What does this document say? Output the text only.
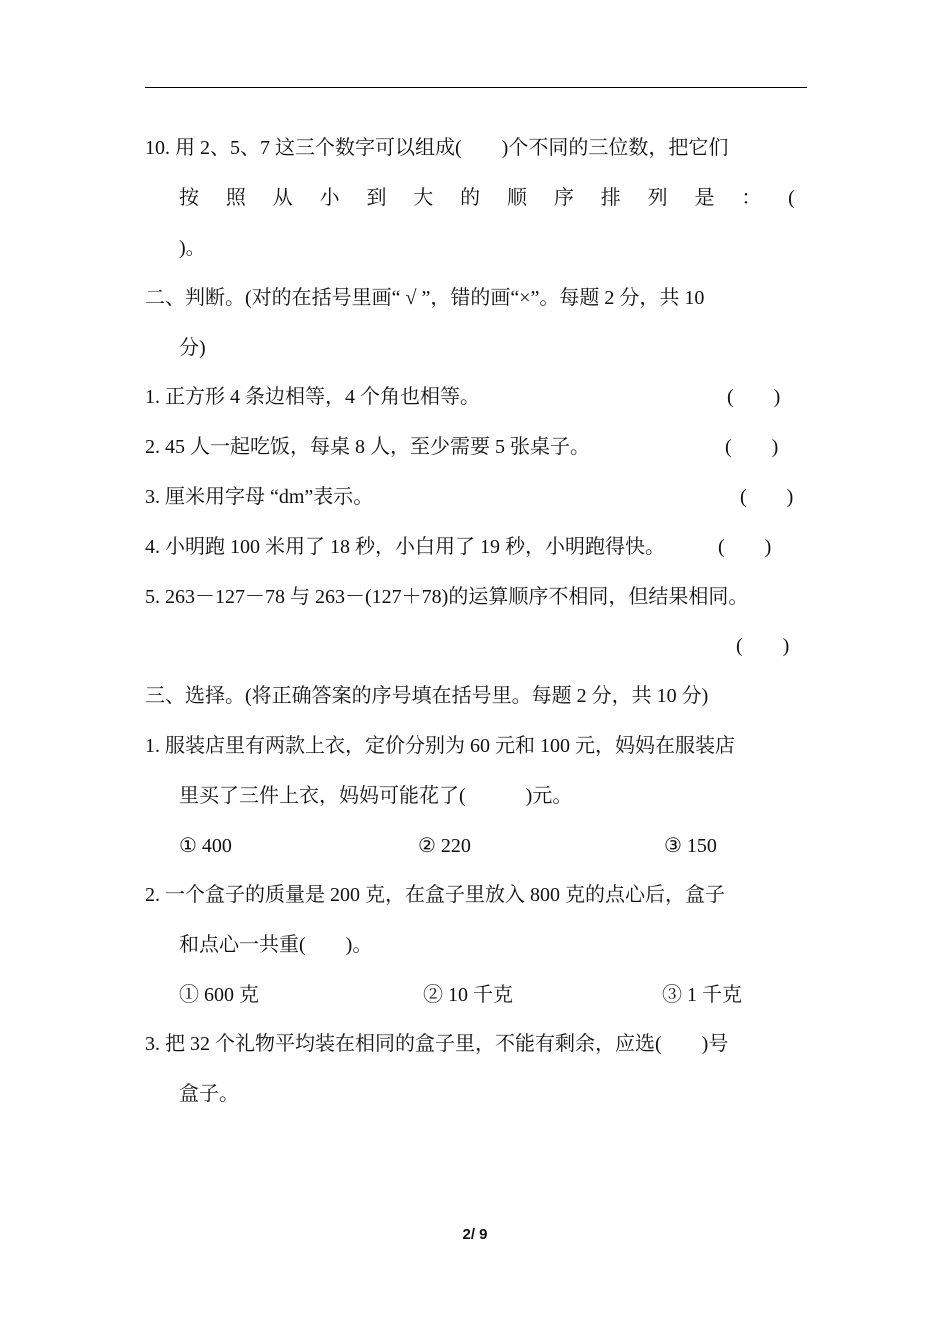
10. 用 2、5、7 这三个数字可以组成(　　)个不同的三位数，把它们
按 照 从 小 到 大 的 顺 序 排 列 是 ： (
)。
二、判断。(对的在括号里画“ √ ”，错的画“×”。每题 2 分，共 10
分)
1. 正方形 4 条边相等，4 个角也相等。	(　　)
2. 45 人一起吃饭，每桌 8 人，至少需要 5 张桌子。	(　　)
3. 厘米用字母 “dm”表示。	(　　)
4. 小明跑 100 米用了 18 秒，小白用了 19 秒，小明跑得快。	(　　)
5. 263－127－78 与 263－(127＋78)的运算顺序不相同，但结果相同。
(　　)
三、选择。(将正确答案的序号填在括号里。每题 2 分，共 10 分)
1. 服装店里有两款上衣，定价分别为 60 元和 100 元，妈妈在服装店
里买了三件上衣，妈妈可能花了(　　　)元。
① 400	② 220	③ 150
2. 一个盒子的质量是 200 克，在盒子里放入 800 克的点心后，盒子
和点心一共重(　　)。
① 600 克	② 10 千克	③ 1 千克
3. 把 32 个礼物平均装在相同的盒子里，不能有剩余，应选(　　)号
盒子。
2/ 9
